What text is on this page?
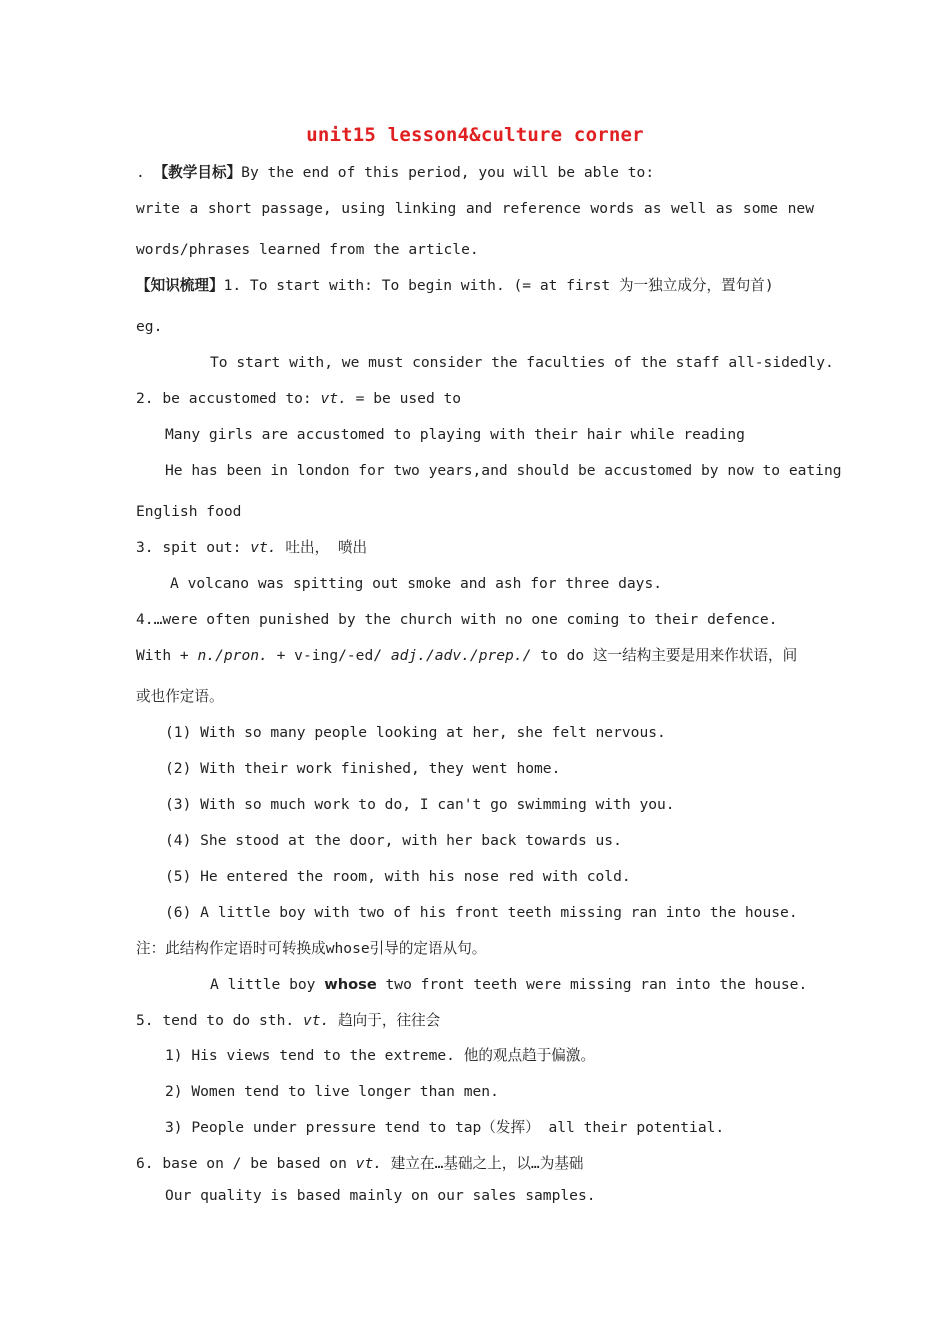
unit15 lesson4&culture corner
. 【教学目标】By the end of this period, you will be able to:
write a short passage, using linking and reference words as well as some new
words/phrases learned from the article.
【知识梳理】1. To start with: To begin with. (= at first 为一独立成分，置句首)
eg.
To start with, we must consider the faculties of the staff all-sidedly.
2. be accustomed to: vt. = be used to
Many girls are accustomed to playing with their hair while reading
He has been in london for two years,and should be accustomed by now to eating
English food
3. spit out: vt. 吐出， 喷出
A volcano was spitting out smoke and ash for three days.
4.…were often punished by the church with no one coming to their defence.
With + n./pron. + v-ing/-ed/ adj./adv./prep./ to do 这一结构主要是用来作状语，间
或也作定语。
(1) With so many people looking at her, she felt nervous.
(2) With their work finished, they went home.
(3) With so much work to do, I can't go swimming with you.
(4) She stood at the door, with her back towards us.
(5) He entered the room, with his nose red with cold.
(6) A little boy with two of his front teeth missing ran into the house.
注：此结构作定语时可转换成whose引导的定语从句。
A little boy whose two front teeth were missing ran into the house.
5. tend to do sth. vt. 趋向于，往往会
1) His views tend to the extreme. 他的观点趋于偏激。
2) Women tend to live longer than men.
3) People under pressure tend to tap（发挥） all their potential.
6. base on / be based on vt. 建立在…基础之上，以…为基础
Our quality is based mainly on our sales samples.
